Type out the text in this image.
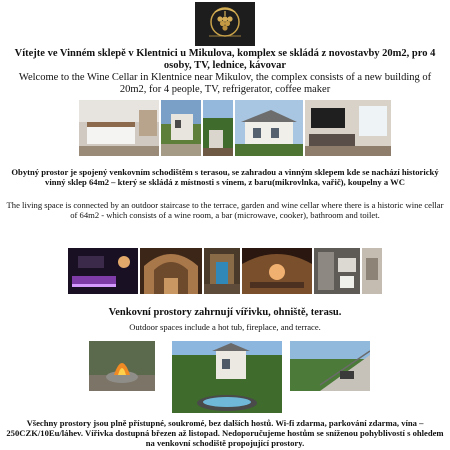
Vítejte ve Vinném sklepě v Klentnici u Mikulova, komplex se skládá z novostavby 20m2, pro 4 osoby, TV, lednice, kávovar
Welcome to the Wine Cellar in Klentnice near Mikulov, the complex consists of a new building of 20m2, for 4 people, TV, refrigerator, coffee maker
Obytný prostor je spojený venkovním schodištěm s terasou, se zahradou a vinným sklepem kde se nachází historický vinný sklep 64m2 – který se skládá z místnosti s vínem, z baru(mikrovlnka, vařič), koupelny a WC
The living space is connected by an outdoor staircase to the terrace, garden and wine cellar where there is a historic wine cellar of 64m2 - which consists of a wine room, a bar (microwave, cooker), bathroom and toilet.
Venkovní prostory zahrnují vířivku, ohniště, terasu.
Outdoor spaces include a hot tub, fireplace, and terrace.
Všechny prostory jsou plně přístupné, soukromé, bez dalších hostů. Wi-fi zdarma, parkování zdarma, vína – 250CZK/10Eu/láhev. Vířivka dostupná březen až listopad. Nedoporučujeme hostům se sníženou pohyblivostí s ohledem na venkovní schodiště propojující prostory.
